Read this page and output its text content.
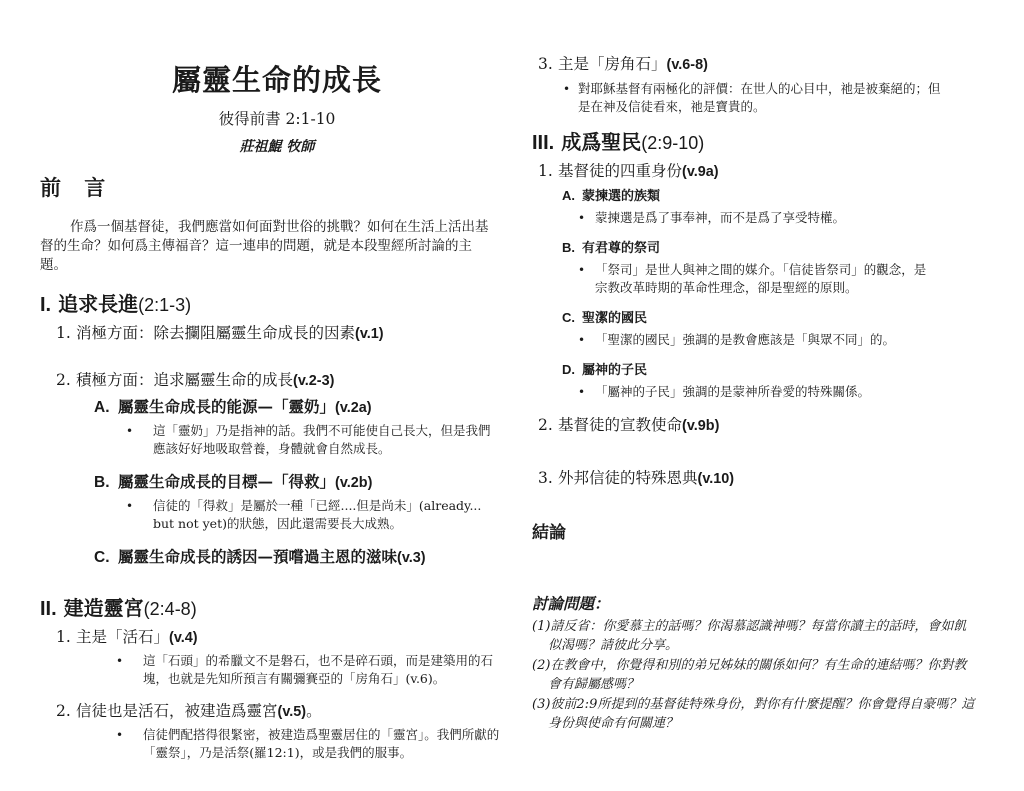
屬靈生命的成長
彼得前書 2:1-10
莊祖鯤 牧師
前 言
作爲一個基督徒，我們應當如何面對世俗的挑戰？如何在生活上活出基
督的生命？如何爲主傳福音？這一連串的問題，就是本段聖經所討論的主
題。
I. 追求長進(2:1-3)
1. 消極方面：除去攔阻屬靈生命成長的因素(v.1)
2. 積極方面：追求屬靈生命的成長(v.2-3)
A. 屬靈生命成長的能源—「靈奶」(v.2a)
•	這「靈奶」乃是指神的話。我們不可能使自己長大，但是我們
應該好好地吸取營養，身體就會自然成長。
B. 屬靈生命成長的目標—「得救」(v.2b)
•	信徒的「得救」是屬於一種「已經....但是尚未」(already...
but not yet)的狀態，因此還需要長大成熟。
C. 屬靈生命成長的誘因—預嚐過主恩的滋味(v.3)
II. 建造靈宮(2:4-8)
1. 主是「活石」(v.4)
•	這「石頭」的希臘文不是磐石，也不是碎石頭，而是建築用的石
塊，也就是先知所預言有關彌賽亞的「房角石」(v.6)。
2. 信徒也是活石，被建造爲靈宮(v.5)。
•	信徒們配搭得很緊密，被建造爲聖靈居住的「靈宮」。我們所獻的
「靈祭」，乃是活祭(羅12:1)，或是我們的服事。
3. 主是「房角石」(v.6-8)
• 對耶穌基督有兩極化的評價：在世人的心目中，祂是被棄絕的；但
是在神及信徒看來，祂是寶貴的。
III. 成爲聖民(2:9-10)
1. 基督徒的四重身份(v.9a)
A. 蒙揀選的族類
• 蒙揀選是爲了事奉神，而不是爲了享受特權。
B. 有君尊的祭司
• 「祭司」是世人與神之間的媒介。「信徒皆祭司」的觀念，是
宗教改革時期的革命性理念，卻是聖經的原則。
C. 聖潔的國民
• 「聖潔的國民」強調的是教會應該是「與眾不同」的。
D. 屬神的子民
• 「屬神的子民」強調的是蒙神所眷愛的特殊關係。
2. 基督徒的宣教使命(v.9b)
3. 外邦信徒的特殊恩典(v.10)
結論
討論問題：
(1)請反省：你愛慕主的話嗎？你渴慕認識神嗎？每當你讀主的話時，會如飢
似渴嗎？請彼此分享。
(2)在教會中，你覺得和別的弟兄姊妹的關係如何？有生命的連結嗎？你對教
會有歸屬感嗎？
(3)彼前2:9所提到的基督徒特殊身份，對你有什麼提醒？你會覺得自豪嗎？這
身份與使命有何關連？
